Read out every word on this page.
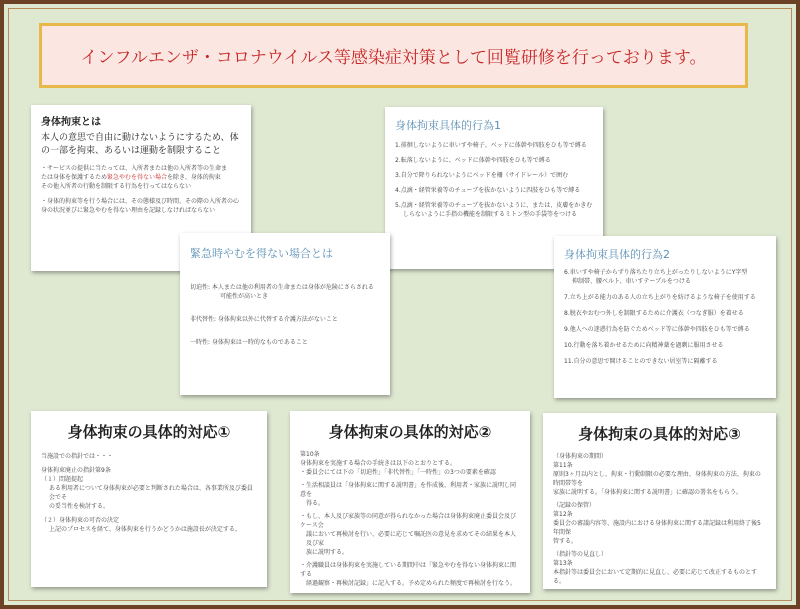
インフルエンザ・コロナウイルス等感染症対策として回覧研修を行っております。
身体拘束とは
本人の意思で自由に動けないようにするため、体の一部を拘束、あるいは運動を制限すること
・サービスの提供に当たっては、入所者または他の入所者等の生命ま
たは身体を保護するため緊急やむを得ない場合を除き、身体的拘束
その他入所者の行動を制限する行為を行ってはならない
・身体的拘束等を行う場合には、その態様及び時間、その際の入所者の心
身の状況並びに緊急やむを得ない理由を記録しなければならない
身体拘束具体的行為1
1.徘徊しないように車いすや椅子、ベッドに体幹や四肢をひも等で縛る
2.転落しないように、ベッドに体幹や四肢をひも等で縛る
3.自分で降りられないようにベッドを柵（サイドレール）で囲む
4.点滴・経管栄養等のチューブを抜かないように四肢をひも等で縛る
5.点滴・経管栄養等のチューブを抜かないように、または、皮膚をかきむ
しらないように手指の機能を制限するミトン型の手袋等をつける
緊急時やむを得ない場合とは
切迫性: 本人または他の利用者の生命または身体が危険にさらされる
可能性が高いとき
非代替性: 身体拘束以外に代替する介護方法がないこと
一時性: 身体拘束は一時的なものであること
身体拘束具体的行為2
6.車いすや椅子からずり落ちたり立ち上がったりしないようにY字型
抑制帯、腰ベルト、車いすテーブルをつける
7.立ち上がる能力のある人の立ち上がりを妨げるような椅子を使用する
8.脱衣やおむつ外しを制限するために介護衣（つなぎ服）を着せる
9.他人への迷惑行為を防ぐためベッド等に体幹や四肢をひも等で縛る
10.行動を落ち着かせるために向精神薬を過剰に服用させる
11.自分の意思で開けることのできない居室等に隔離する
身体拘束の具体的対応①
当施設での指針では・・・
身体拘束廃止の指針第9条
（１）問題提起
ある利用者について身体拘束が必要と判断された場合は、各事業所及び委員会でそ
の妥当性を検討する。
（２）身体拘束の可否の決定
上記のプロセスを経て、身体拘束を行うかどうかは施設長が決定する。
身体拘束の具体的対応②
第10条
身体拘束を実施する場合の手続きは以下のとおりとする。
・委員会にては下の「切迫性」「非代替性」「一時性」の3つの要素を確認
・生活相談員は「身体拘束に関する説明書」を作成後、利用者・家族に説明し同意を
得る。
・もし、本人及び家族等の同意が得られなかった場合は身体拘束廃止委員会及びケース会
議において再検討を行い、必要に応じて嘱託医の意見を求めてその結果を本人及び家
族に説明する。
・介護職員は身体拘束を実施している期間中は「緊急やむを得ない身体拘束に関する
経過観察・再検討記録」に記入する。予め定められた頻度で再検討を行なう。
身体拘束の具体的対応③
（身体拘束の期間）
第11条
原則3ヶ月以内とし、拘束・行動制限の必要な理由、身体拘束の方法、拘束の時間帯等を
家族に説明する。「身体拘束に関する説明書」に確認の署名をもらう。
（記録の保管）
第12条
委員会の審議内容等、施設内における身体拘束に関する諸記録は利用終了後5年間保
管する。
（指針等の見直し）
第13条
本指針等は委員会において定期的に見直し、必要に応じて改正するものとする。
